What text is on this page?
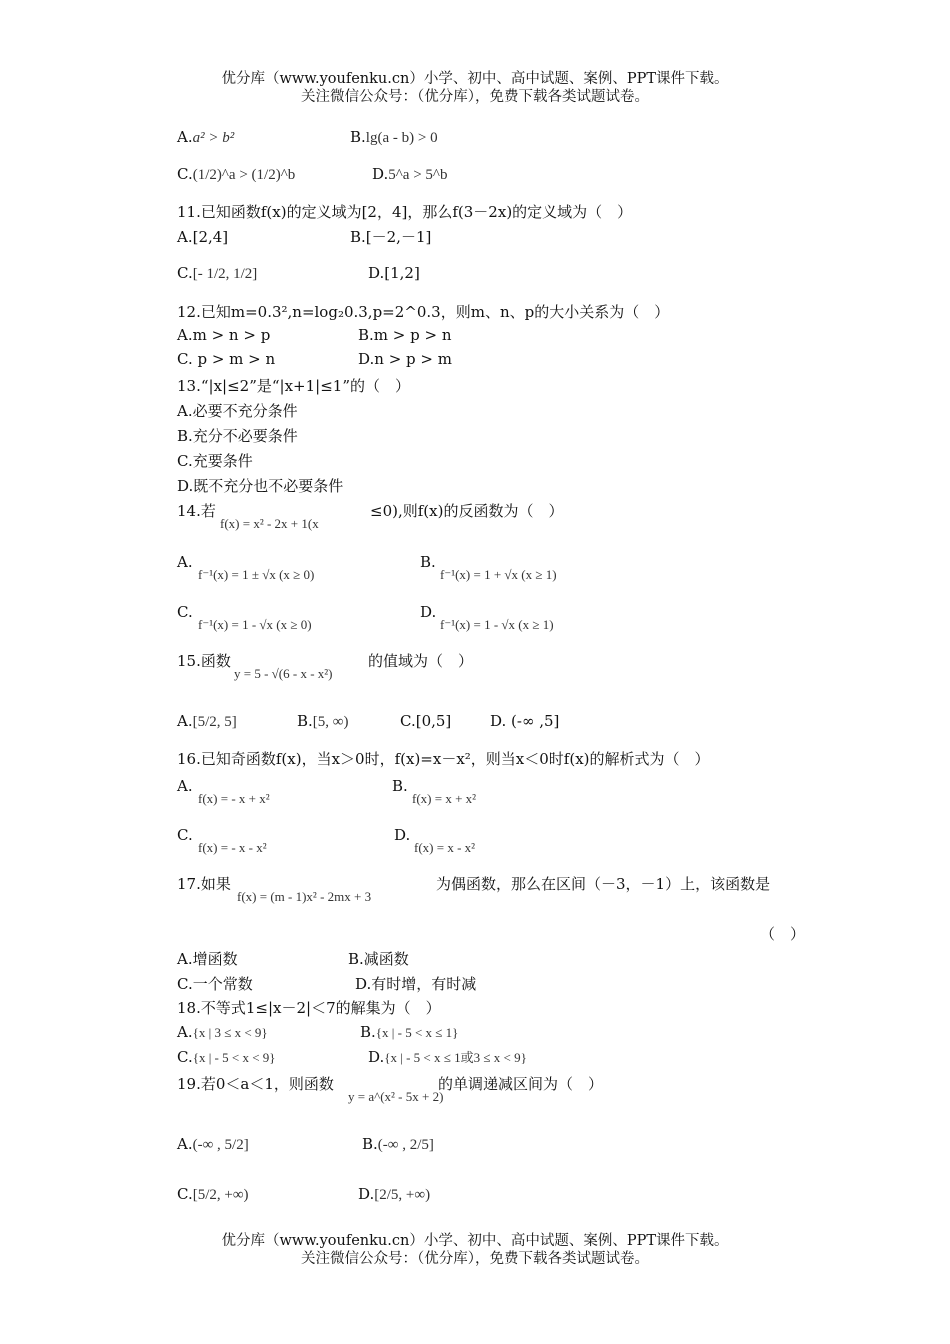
优分库（www.youfenku.cn）小学、初中、高中试题、案例、PPT课件下载。
关注微信公众号：（优分库），免费下载各类试题试卷。
A.a² > b²	B.lg(a - b) > 0
C.(1/2)^a > (1/2)^b	D.5^a > 5^b
11.已知函数f(x)的定义域为[2，4]，那么f(3－2x)的定义域为（　）
A.[2,4]	B.[－2,－1]
C.[- 1/2, 1/2]	D.[1,2]
12.已知m=0.3²,n=log₂0.3,p=2^0.3，则m、n、p的大小关系为（　）
A.m > n > p	B.m > p > n
C. p > m > n	D.n > p > m
13.“|x|≤2”是“|x+1|≤1”的（　）
A.必要不充分条件
B.充分不必要条件
C.充要条件
D.既不充分也不必要条件
14.若
f(x) = x² - 2x + 1(x
≤0),则f(x)的反函数为（　）
A.
f⁻¹(x) = 1 ± √x (x ≥ 0)
B.
f⁻¹(x) = 1 + √x (x ≥ 1)
C.
f⁻¹(x) = 1 - √x (x ≥ 0)
D.
f⁻¹(x) = 1 - √x (x ≥ 1)
15.函数
y = 5 - √(6 - x - x²)
的值域为（　）
A.[5/2, 5]	B.[5, ∞)	C.[0,5]	D. (-∞ ,5]
16.已知奇函数f(x)，当x＞0时，f(x)=x－x²，则当x＜0时f(x)的解析式为（　）
A.
f(x) = - x + x²
B.
f(x) = x + x²
C.
f(x) = - x - x²
D.
f(x) = x - x²
17.如果
f(x) = (m - 1)x² - 2mx + 3
为偶函数，那么在区间（－3，－1）上，该函数是
（　）
A.增函数	B.减函数
C.一个常数	D.有时增，有时减
18.不等式1≤|x－2|＜7的解集为（　）
A.{x | 3 ≤ x < 9}	B.{x | - 5 < x ≤ 1}
C.{x | - 5 < x < 9}	D.{x | - 5 < x ≤ 1或3 ≤ x < 9}
19.若0＜a＜1，则函数
y = a^(x² - 5x + 2)
的单调递减区间为（　）
A.(-∞ , 5/2]	B.(-∞ , 2/5]
C.[5/2, +∞)	D.[2/5, +∞)
优分库（www.youfenku.cn）小学、初中、高中试题、案例、PPT课件下载。
关注微信公众号：（优分库），免费下载各类试题试卷。
